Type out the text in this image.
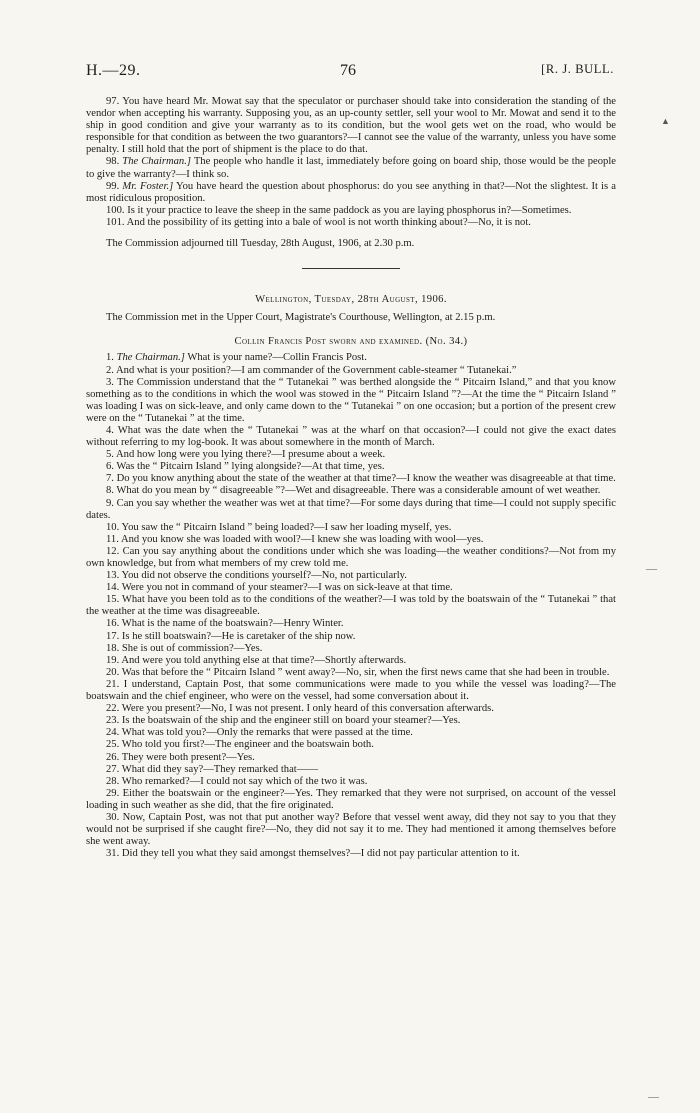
H.—29.	76	[R. J. BULL.
▲
—
—

97. You have heard Mr. Mowat say that the speculator or purchaser should take into consideration the standing of the vendor when accepting his warranty. Supposing you, as an up-county settler, sell your wool to Mr. Mowat and send it to the ship in good condition and give your warranty as to its condition, but the wool gets wet on the road, who would be responsible for that condition as between the two guarantors?—I cannot see the value of the warranty, unless you have some penalty. I still hold that the port of shipment is the place to do that.

98. The Chairman.] The people who handle it last, immediately before going on board ship, those would be the people to give the warranty?—I think so.

99. Mr. Foster.] You have heard the question about phosphorus: do you see anything in that?—Not the slightest. It is a most ridiculous proposition.

100. Is it your practice to leave the sheep in the same paddock as you are laying phosphorus in?—Sometimes.

101. And the possibility of its getting into a bale of wool is not worth thinking about?—No, it is not.

The Commission adjourned till Tuesday, 28th August, 1906, at 2.30 p.m.

Wellington, Tuesday, 28th August, 1906.

The Commission met in the Upper Court, Magistrate's Courthouse, Wellington, at 2.15 p.m.

Collin Francis Post sworn and examined. (No. 34.)

1. The Chairman.] What is your name?—Collin Francis Post.

2. And what is your position?—I am commander of the Government cable-steamer “ Tutanekai.”

3. The Commission understand that the “ Tutanekai ” was berthed alongside the “ Pitcairn Island,” and that you know something as to the conditions in which the wool was stowed in the “ Pitcairn Island ”?—At the time the “ Pitcairn Island ” was loading I was on sick-leave, and only came down to the “ Tutanekai ” on one occasion; but a portion of the present crew were on the “ Tutanekai ” at the time.

4. What was the date when the “ Tutanekai ” was at the wharf on that occasion?—I could not give the exact dates without referring to my log-book. It was about somewhere in the month of March.

5. And how long were you lying there?—I presume about a week.

6. Was the “ Pitcairn Island ” lying alongside?—At that time, yes.

7. Do you know anything about the state of the weather at that time?—I know the weather was disagreeable at that time.

8. What do you mean by “ disagreeable ”?—Wet and disagreeable. There was a considerable amount of wet weather.

9. Can you say whether the weather was wet at that time?—For some days during that time—I could not supply specific dates.

10. You saw the “ Pitcairn Island ” being loaded?—I saw her loading myself, yes.

11. And you know she was loaded with wool?—I knew she was loading with wool—yes.

12. Can you say anything about the conditions under which she was loading—the weather conditions?—Not from my own knowledge, but from what members of my crew told me.

13. You did not observe the conditions yourself?—No, not particularly.

14. Were you not in command of your steamer?—I was on sick-leave at that time.

15. What have you been told as to the conditions of the weather?—I was told by the boatswain of the “ Tutanekai ” that the weather at the time was disagreeable.

16. What is the name of the boatswain?—Henry Winter.

17. Is he still boatswain?—He is caretaker of the ship now.

18. She is out of commission?—Yes.

19. And were you told anything else at that time?—Shortly afterwards.

20. Was that before the “ Pitcairn Island ” went away?—No, sir, when the first news came that she had been in trouble.

21. I understand, Captain Post, that some communications were made to you while the vessel was loading?—The boatswain and the chief engineer, who were on the vessel, had some conversation about it.

22. Were you present?—No, I was not present. I only heard of this conversation afterwards.

23. Is the boatswain of the ship and the engineer still on board your steamer?—Yes.

24. What was told you?—Only the remarks that were passed at the time.

25. Who told you first?—The engineer and the boatswain both.

26. They were both present?—Yes.

27. What did they say?—They remarked that——

28. Who remarked?—I could not say which of the two it was.

29. Either the boatswain or the engineer?—Yes. They remarked that they were not surprised, on account of the vessel loading in such weather as she did, that the fire originated.

30. Now, Captain Post, was not that put another way? Before that vessel went away, did they not say to you that they would not be surprised if she caught fire?—No, they did not say it to me. They had mentioned it among themselves before she went away.

31. Did they tell you what they said amongst themselves?—I did not pay particular attention to it.
